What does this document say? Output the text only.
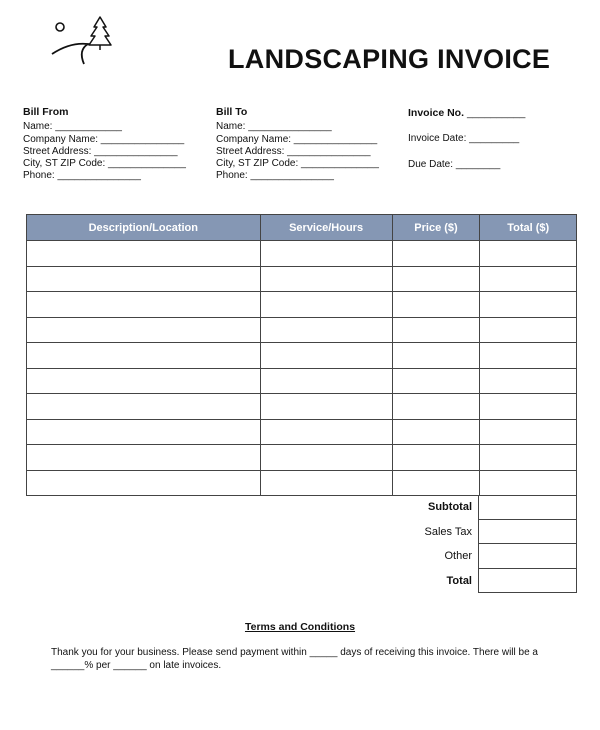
LANDSCAPING INVOICE
Bill From
Name: ____________
Company Name: _______________
Street Address: _______________
City, ST ZIP Code: ______________
Phone: _______________
Bill To
Name: _______________
Company Name: _______________
Street Address: _______________
City, ST ZIP Code: ______________
Phone: _______________
Invoice No. __________
Invoice Date: _________
Due Date: ________
Description/Location	Service/Hours	Price ($)	Total ($)

Subtotal
Sales Tax
Other
Total
Terms and Conditions
Thank you for your business. Please send payment within _____ days of receiving this invoice. There will be a ______% per ______ on late invoices.
